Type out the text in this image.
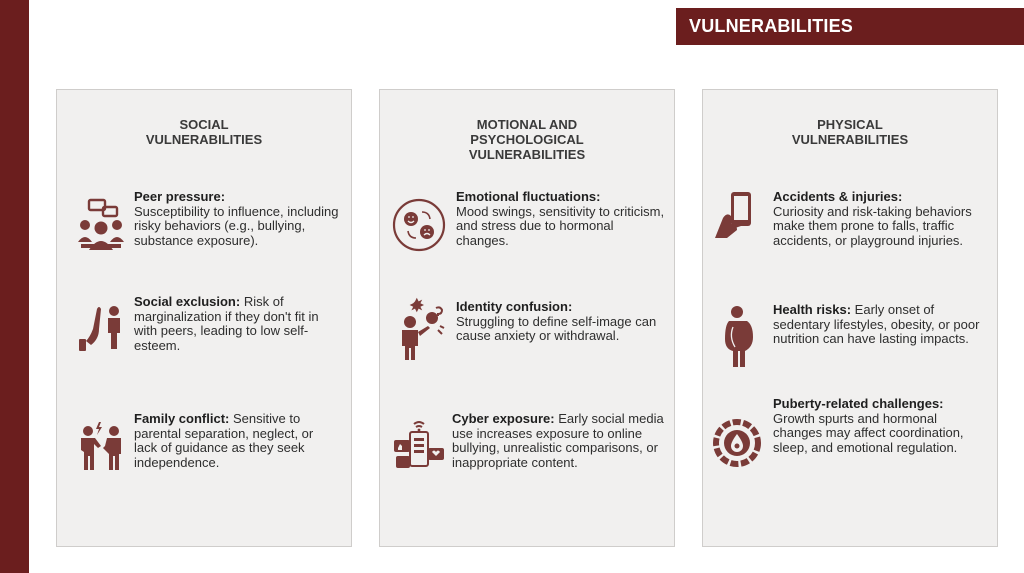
VULNERABILITIES
SOCIAL
VULNERABILITIES
Peer pressure:
Susceptibility to influence, including risky behaviors (e.g., bullying, substance exposure).
Social exclusion: Risk of marginalization if they don't fit in with peers, leading to low self-esteem.
Family conflict: Sensitive to parental separation, neglect, or lack of guidance as they seek independence.
MOTIONAL AND
PSYCHOLOGICAL
VULNERABILITIES
Emotional fluctuations:
Mood swings, sensitivity to criticism, and stress due to hormonal changes.
Identity confusion:
Struggling to define self-image can cause anxiety or withdrawal.
Cyber exposure: Early social media use increases exposure to online bullying, unrealistic comparisons, or inappropriate content.
PHYSICAL
VULNERABILITIES
Accidents & injuries:
Curiosity and risk-taking behaviors make them prone to falls, traffic accidents, or playground injuries.
Health risks: Early onset of sedentary lifestyles, obesity, or poor nutrition can have lasting impacts.
Puberty-related challenges: Growth spurts and hormonal changes may affect coordination, sleep, and emotional regulation.
